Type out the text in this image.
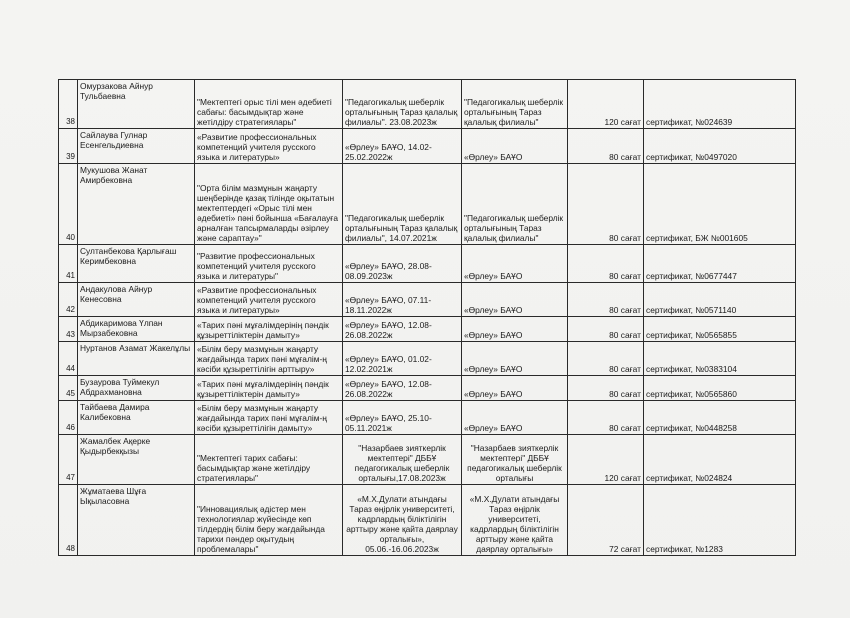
38	Омурзакова Айнур Тульбаевна	"Мектептегі орыс тілі мен әдебиеті сабағы: басымдықтар және жетілдіру стратегиялары"	"Педагогикалық шеберлік орталығының Тараз қалалық филиалы". 23.08.2023ж	"Педагогикалық шеберлік орталығының Тараз қалалық филиалы"	120 сағат	сертификат, №024639
39	Сайлаува Гулнар Есенгельдиевна	«Развитие профессиональных компетенций учителя русского языка и литературы»	«Өрлеу» БАҰО, 14.02-25.02.2022ж	«Өрлеу» БАҰО	80 сағат	сертификат, №0497020
40	Мукушова Жанат Амирбековна	"Орта білім мазмұнын жаңарту шеңберінде қазақ тілінде оқытатын мектептердегі «Орыс тілі мен әдебиеті» пәні бойынша «Бағалауға арналған тапсырмаларды әзірлеу және сараптау»"	"Педагогикалық шеберлік орталығының Тараз қалалық филиалы", 14.07.2021ж	"Педагогикалық шеберлік орталығының Тараз қалалық филиалы"	80 сағат	сертификат, БЖ №001605
41	Султанбекова Қарлығаш Керимбековна	"Развитие профессиональных компетенций учителя русского языка и литературы"	«Өрлеу» БАҰО, 28.08-08.09.2023ж	«Өрлеу» БАҰО	80 сағат	сертификат, №0677447
42	Андакулова Айнур Кенесовна	«Развитие профессиональных компетенций учителя русского языка и литературы»	«Өрлеу» БАҰО, 07.11-18.11.2022ж	«Өрлеу» БАҰО	80 сағат	сертификат, №0571140
43	Абдикаримова Үлпан Мырзабековна	«Тарих пәні мұғалімдерінің пәндік құзыреттіліктерін дамыту»	«Өрлеу» БАҰО, 12.08-26.08.2022ж	«Өрлеу» БАҰО	80 сағат	сертификат, №0565855
44	Нуртанов Азамат Жакелұлы	«Білім беру мазмұнын жаңарту жағдайында тарих пәні мұғалім-ң кәсіби құзыреттілігін арттыру»	«Өрлеу» БАҰО, 01.02-12.02.2021ж	«Өрлеу» БАҰО	80 сағат	сертификат, №0383104
45	Бузаурова Туймекул Абдрахмановна	«Тарих пәні мұғалімдерінің пәндік құзыреттіліктерін дамыту»	«Өрлеу» БАҰО, 12.08-26.08.2022ж	«Өрлеу» БАҰО	80 сағат	сертификат, №0565860
46	Тайбаева Дамира Калибековна	«Білім беру мазмұнын жаңарту жағдайында тарих пәні мұғалім-ң кәсіби құзыреттілігін дамыту»	«Өрлеу» БАҰО, 25.10-05.11.2021ж	«Өрлеу» БАҰО	80 сағат	сертификат, №0448258
47	Жамалбек Ақерке Қыдырбекқызы	"Мектептегі тарих сабағы: басымдықтар және жетілдіру стратегиялары"	"Назарбаев зияткерлік мектептері" ДББҰ педагогикалық шеберлік орталығы,17.08.2023ж	"Назарбаев зияткерлік мектептері" ДББҰ педагогикалық шеберлік орталығы	120 сағат	сертификат, №024824
48	Жұматаева Шұға Ықыласовна	"Инновациялық әдістер мен технологиялар жүйесінде көп тілдердің білім беру жағдайында тарихи пәндер оқытудың проблемалары"	«М.Х.Дулати атындағы Тараз өңірлік университеті, кадрлардың біліктілігін арттыру және қайта даярлау орталығы», 05.06.-16.06.2023ж	«М.Х.Дулати атындағы Тараз өңірлік университеті, кадрлардың біліктілігін арттыру және қайта даярлау орталығы»	72 сағат	сертификат, №1283
